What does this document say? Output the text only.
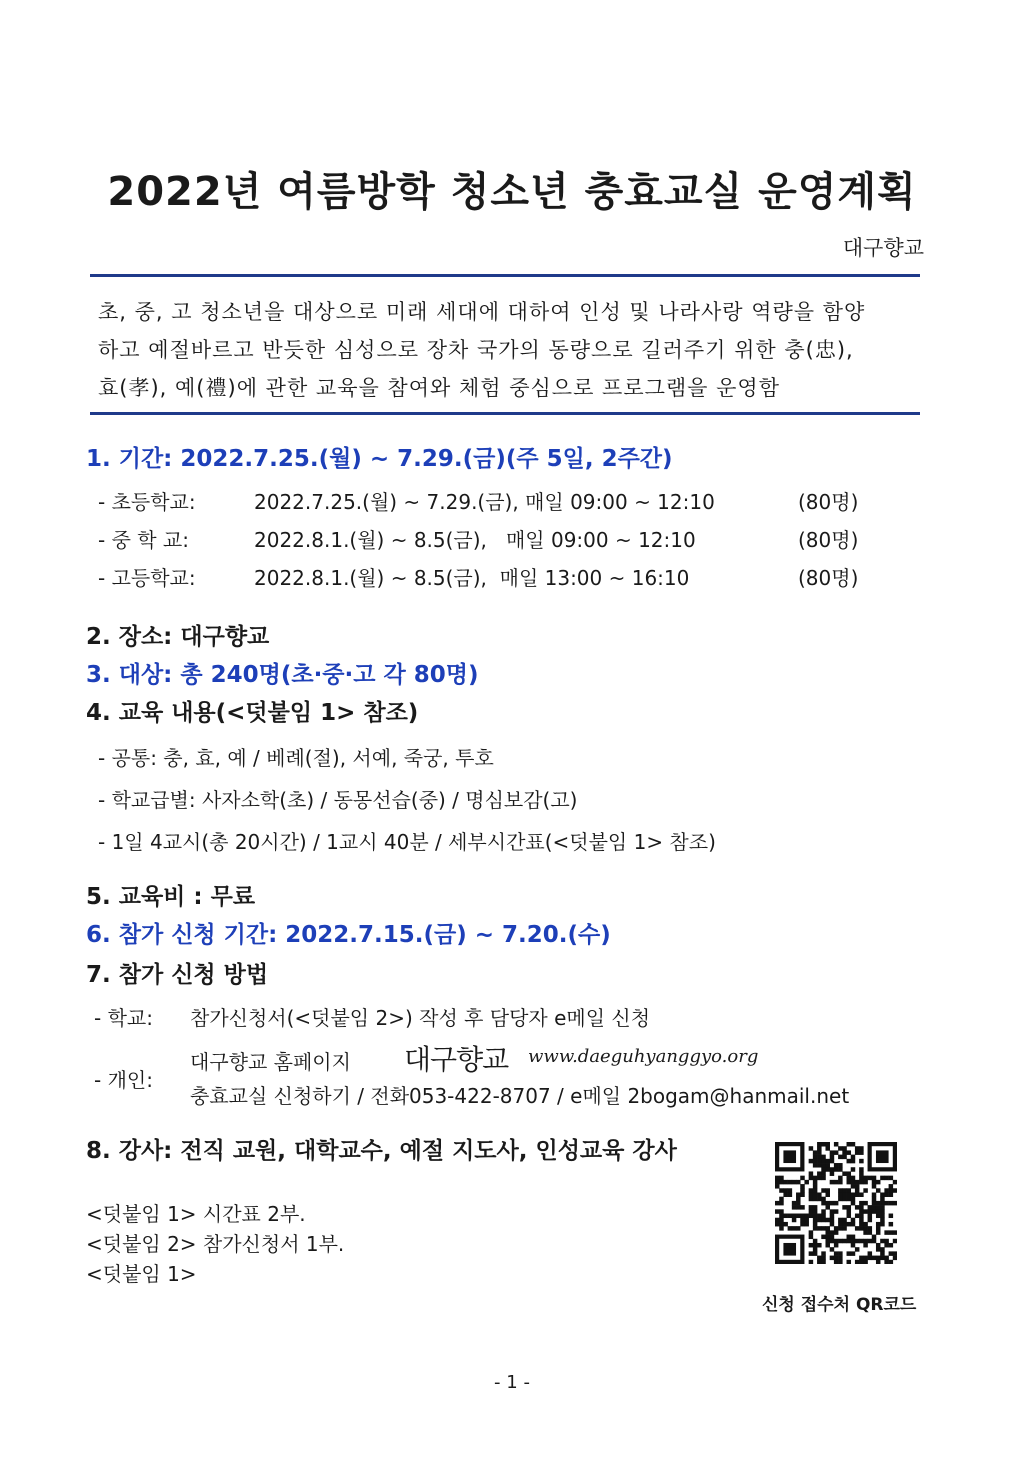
2022년 여름방학 청소년 충효교실 운영계획
대구향교
초, 중, 고 청소년을 대상으로 미래 세대에 대하여 인성 및 나라사랑 역량을 함양
하고 예절바르고 반듯한 심성으로 장차 국가의 동량으로 길러주기 위한 충(忠),
효(孝), 예(禮)에 관한 교육을 참여와 체험 중심으로 프로그램을 운영함
1. 기간: 2022.7.25.(월) ~ 7.29.(금)(주 5일, 2주간)
- 초등학교:	2022.7.25.(월) ~ 7.29.(금), 매일 09:00 ~ 12:10	(80명)
- 중 학 교:	2022.8.1.(월) ~ 8.5(금),   매일 09:00 ~ 12:10	(80명)
- 고등학교:	2022.8.1.(월) ~ 8.5(금),  매일 13:00 ~ 16:10	(80명)
2. 장소: 대구향교
3. 대상: 총 240명(초·중·고 각 80명)
4. 교육 내용(<덧붙임 1> 참조)
- 공통: 충, 효, 예 / 베례(절), 서예, 죽궁, 투호
- 학교급별: 사자소학(초) / 동몽선습(중) / 명심보감(고)
- 1일 4교시(총 20시간) / 1교시 40분 / 세부시간표(<덧붙임 1> 참조)
5. 교육비 : 무료
6. 참가 신청 기간: 2022.7.15.(금) ~ 7.20.(수)
7. 참가 신청 방법
- 학교: 참가신청서(<덧붙임 2>) 작성 후 담당자 e메일 신청
- 개인:
대구향교 홈페이지 대구향교 www.daeguhyanggyo.org
충효교실 신청하기 / 전화053-422-8707 / e메일 2bogam@hanmail.net
8. 강사: 전직 교원, 대학교수, 예절 지도사, 인성교육 강사
<덧붙임 1> 시간표 2부.
<덧붙임 2> 참가신청서 1부.
<덧붙임 1>
신청 접수처 QR코드
- 1 -
